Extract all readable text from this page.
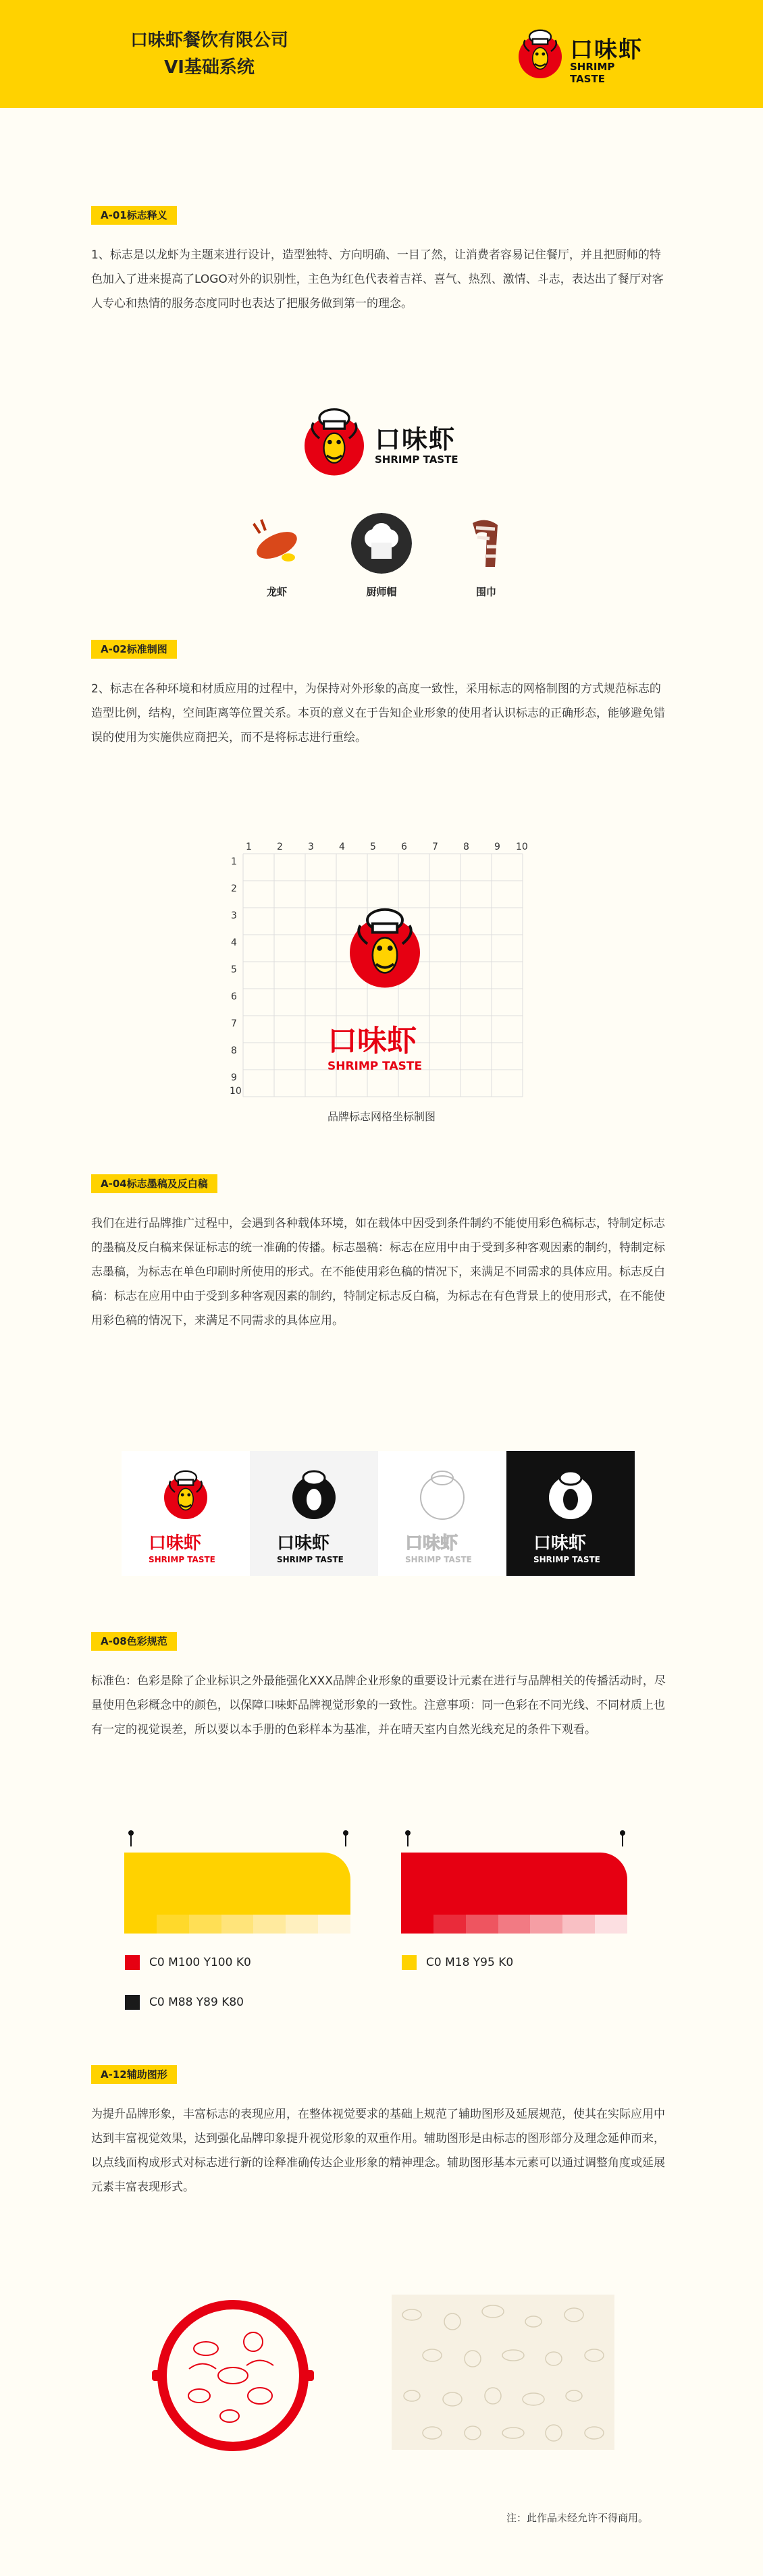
口味虾餐饮有限公司
VI基础系统
口味虾
SHRIMP TASTE
A-01标志释义
1、标志是以龙虾为主题来进行设计，造型独特、方向明确、一目了然，让消费者容易记住餐厅，并且把厨师的特色加入了进来提高了LOGO对外的识别性，主色为红色代表着吉祥、喜气、热烈、激情、斗志，表达出了餐厅对客人专心和热情的服务态度同时也表达了把服务做到第一的理念。
口味虾
SHRIMP TASTE
龙虾	厨师帽	围巾
A-02标准制图
2、标志在各种环境和材质应用的过程中，为保持对外形象的高度一致性，采用标志的网格制图的方式规范标志的造型比例，结构，空间距离等位置关系。本页的意义在于告知企业形象的使用者认识标志的正确形态，能够避免错误的使用为实施供应商把关，而不是将标志进行重绘。
口味虾
SHRIMP TASTE
1	2	3	4	5	6	7	8	9 10
1
2
3
4
5
6
7
8
9
10
品牌标志网格坐标制图
A-04标志墨稿及反白稿
我们在进行品牌推广过程中，会遇到各种载体环境，如在载体中因受到条件制约不能使用彩色稿标志，特制定标志的墨稿及反白稿来保证标志的统一准确的传播。标志墨稿：标志在应用中由于受到多种客观因素的制约，特制定标志墨稿，为标志在单色印刷时所使用的形式。在不能使用彩色稿的情况下，来满足不同需求的具体应用。标志反白稿：标志在应用中由于受到多种客观因素的制约，特制定标志反白稿，为标志在有色背景上的使用形式，在不能使用彩色稿的情况下，来满足不同需求的具体应用。
口味虾
SHRIMP TASTE
口味虾
SHRIMP TASTE
口味虾
SHRIMP TASTE
口味虾
SHRIMP TASTE
A-08色彩规范
标准色：色彩是除了企业标识之外最能强化XXX品牌企业形象的重要设计元素在进行与品牌相关的传播活动时，尽量使用色彩概念中的颜色，以保障口味虾品牌视觉形象的一致性。注意事项：同一色彩在不同光线、不同材质上也有一定的视觉误差，所以要以本手册的色彩样本为基准，并在晴天室内自然光线充足的条件下观看。
C0 M100 Y100 K0
C0 M88 Y89 K80
C0 M18 Y95 K0
A-12辅助图形
为提升品牌形象，丰富标志的表现应用，在整体视觉要求的基础上规范了辅助图形及延展规范，使其在实际应用中达到丰富视觉效果，达到强化品牌印象提升视觉形象的双重作用。辅助图形是由标志的图形部分及理念延伸而来，以点线面构成形式对标志进行新的诠释准确传达企业形象的精神理念。辅助图形基本元素可以通过调整角度或延展元素丰富表现形式。
注：此作品未经允许不得商用。
